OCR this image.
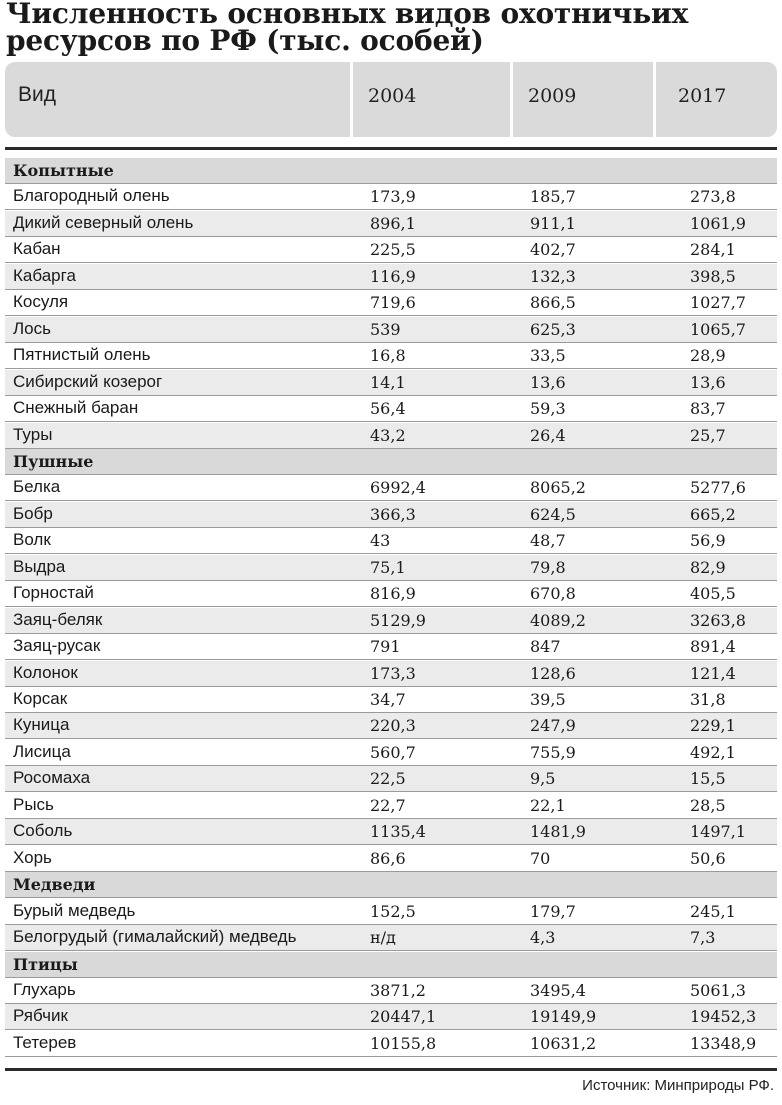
Численность основных видов охотничьих ресурсов по РФ (тыс. особей)
Вид	2004	2009	2017
Копытные
Благородный олень	173,9	185,7	273,8
Дикий северный олень	896,1	911,1	1061,9
Кабан	225,5	402,7	284,1
Кабарга	116,9	132,3	398,5
Косуля	719,6	866,5	1027,7
Лось	539	625,3	1065,7
Пятнистый олень	16,8	33,5	28,9
Сибирский козерог	14,1	13,6	13,6
Снежный баран	56,4	59,3	83,7
Туры	43,2	26,4	25,7
Пушные
Белка	6992,4	8065,2	5277,6
Бобр	366,3	624,5	665,2
Волк	43	48,7	56,9
Выдра	75,1	79,8	82,9
Горностай	816,9	670,8	405,5
Заяц-беляк	5129,9	4089,2	3263,8
Заяц-русак	791	847	891,4
Колонок	173,3	128,6	121,4
Корсак	34,7	39,5	31,8
Куница	220,3	247,9	229,1
Лисица	560,7	755,9	492,1
Росомаха	22,5	9,5	15,5
Рысь	22,7	22,1	28,5
Соболь	1135,4	1481,9	1497,1
Хорь	86,6	70	50,6
Медведи
Бурый медведь	152,5	179,7	245,1
Белогрудый (гималайский) медведь	н/д	4,3	7,3
Птицы
Глухарь	3871,2	3495,4	5061,3
Рябчик	20447,1	19149,9	19452,3
Тетерев	10155,8	10631,2	13348,9
Источник: Минприроды РФ.
